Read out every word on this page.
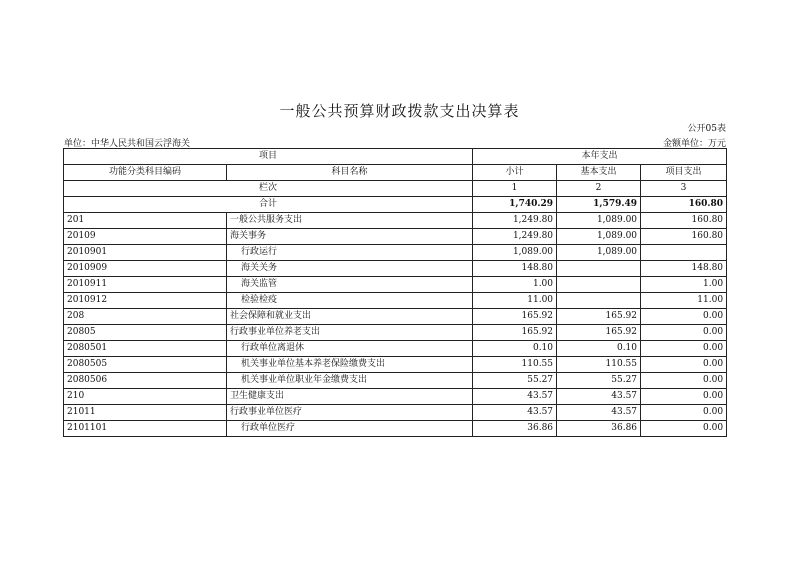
一般公共预算财政拨款支出决算表
公开05表
单位：中华人民共和国云浮海关	金额单位：万元
项目		本年支出		
功能分类科目编码	科目名称	小计	基本支出	项目支出
栏次		1	2	3
合计		1,740.29	1,579.49	160.80
201	一般公共服务支出	1,249.80	1,089.00	160.80
20109	海关事务	1,249.80	1,089.00	160.80
2010901	行政运行	1,089.00	1,089.00	
2010909	海关关务	148.80		148.80
2010911	海关监管	1.00		1.00
2010912	检验检疫	11.00		11.00
208	社会保障和就业支出	165.92	165.92	0.00
20805	行政事业单位养老支出	165.92	165.92	0.00
2080501	行政单位离退休	0.10	0.10	0.00
2080505	机关事业单位基本养老保险缴费支出	110.55	110.55	0.00
2080506	机关事业单位职业年金缴费支出	55.27	55.27	0.00
210	卫生健康支出	43.57	43.57	0.00
21011	行政事业单位医疗	43.57	43.57	0.00
2101101	行政单位医疗	36.86	36.86	0.00
